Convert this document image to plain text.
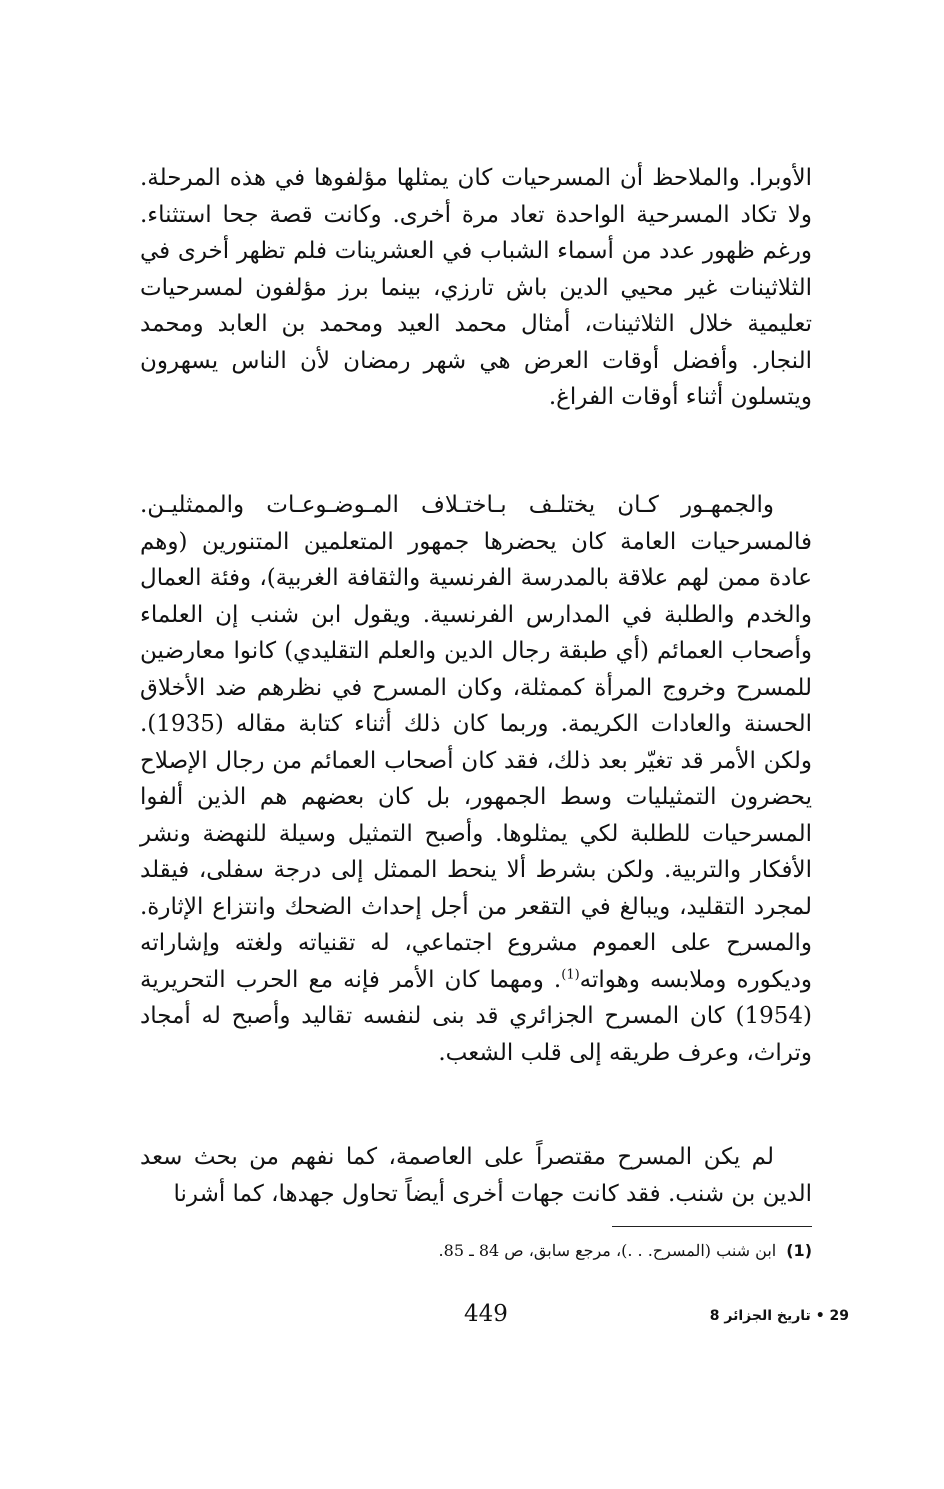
الأوبرا. والملاحظ أن المسرحيات كان يمثلها مؤلفوها في هذه المرحلة. ولا تكاد المسرحية الواحدة تعاد مرة أخرى. وكانت قصة جحا استثناء. ورغم ظهور عدد من أسماء الشباب في العشرينات فلم تظهر أخرى في الثلاثينات غير محيي الدين باش تارزي، بينما برز مؤلفون لمسرحيات تعليمية خلال الثلاثينات، أمثال محمد العيد ومحمد بن العابد ومحمد النجار. وأفضل أوقات العرض هي شهر رمضان لأن الناس يسهرون ويتسلون أثناء أوقات الفراغ.

والجمهـور كـان يختلـف بـاختـلاف المـوضـوعـات والممثليـن. فالمسرحيات العامة كان يحضرها جمهور المتعلمين المتنورين (وهم عادة ممن لهم علاقة بالمدرسة الفرنسية والثقافة الغربية)، وفئة العمال والخدم والطلبة في المدارس الفرنسية. ويقول ابن شنب إن العلماء وأصحاب العمائم (أي طبقة رجال الدين والعلم التقليدي) كانوا معارضين للمسرح وخروج المرأة كممثلة، وكان المسرح في نظرهم ضد الأخلاق الحسنة والعادات الكريمة. وربما كان ذلك أثناء كتابة مقاله (1935). ولكن الأمر قد تغيّر بعد ذلك، فقد كان أصحاب العمائم من رجال الإصلاح يحضرون التمثيليات وسط الجمهور، بل كان بعضهم هم الذين ألفوا المسرحيات للطلبة لكي يمثلوها. وأصبح التمثيل وسيلة للنهضة ونشر الأفكار والتربية. ولكن بشرط ألا ينحط الممثل إلى درجة سفلى، فيقلد لمجرد التقليد، ويبالغ في التقعر من أجل إحداث الضحك وانتزاع الإثارة. والمسرح على العموم مشروع اجتماعي، له تقنياته ولغته وإشاراته وديكوره وملابسه وهواته$^{(1)}$. ومهما كان الأمر فإنه مع الحرب التحريرية (1954) كان المسرح الجزائري قد بنى لنفسه تقاليد وأصبح له أمجاد وتراث، وعرف طريقه إلى قلب الشعب.

لم يكن المسرح مقتصراً على العاصمة، كما نفهم من بحث سعد الدين بن شنب. فقد كانت جهات أخرى أيضاً تحاول جهدها، كما أشرنا

(1)ابن شنب (المسرح. . .)، مرجع سابق، ص 84 ـ 85.

449	29 • تاريخ الجزائر 8
